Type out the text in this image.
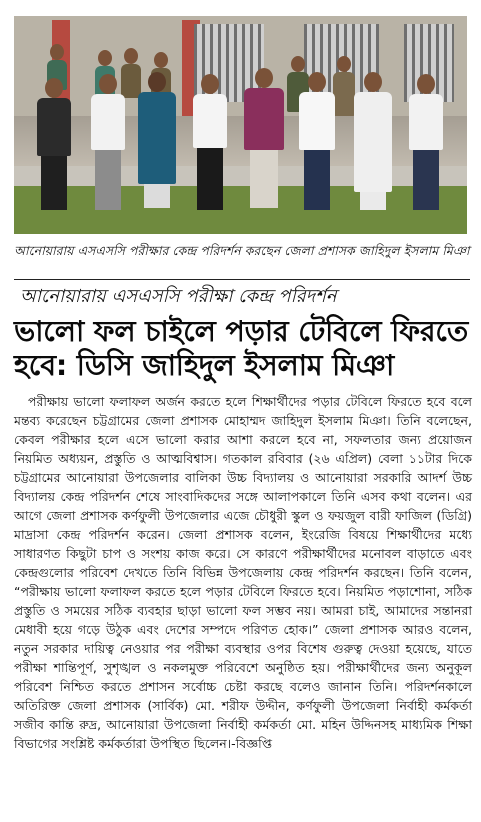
আনোয়ারায় এসএসসি পরীক্ষার কেন্দ্র পরিদর্শন করছেন জেলা প্রশাসক জাহিদুল ইসলাম মিঞা
আনোয়ারায় এসএসসি পরীক্ষা কেন্দ্র পরিদর্শন
ভালো ফল চাইলে পড়ার টেবিলে ফিরতে হবে: ডিসি জাহিদুল ইসলাম মিঞা

পরীক্ষায় ভালো ফলাফল অর্জন করতে হলে শিক্ষার্থীদের পড়ার টেবিলে ফিরতে হবে বলে মন্তব্য করেছেন চট্টগ্রামের জেলা প্রশাসক মোহাম্মদ জাহিদুল ইসলাম মিঞা। তিনি বলেছেন, কেবল পরীক্ষার হলে এসে ভালো করার আশা করলে হবে না, সফলতার জন্য প্রয়োজন নিয়মিত অধ্যয়ন, প্রস্তুতি ও আত্মবিশ্বাস। গতকাল রবিবার (২৬ এপ্রিল) বেলা ১১টার দিকে চট্টগ্রামের আনোয়ারা উপজেলার বালিকা উচ্চ বিদ্যালয় ও আনোয়ারা সরকারি আদর্শ উচ্চ বিদ্যালয় কেন্দ্র পরিদর্শন শেষে সাংবাদিকদের সঙ্গে আলাপকালে তিনি এসব কথা বলেন। এর আগে জেলা প্রশাসক কর্ণফুলী উপজেলার এজে চৌধুরী স্কুল ও ফয়জুল বারী ফাজিল (ডিগ্রি) মাদ্রাসা কেন্দ্র পরিদর্শন করেন। জেলা প্রশাসক বলেন, ইংরেজি বিষয়ে শিক্ষার্থীদের মধ্যে সাধারণত কিছুটা চাপ ও সংশয় কাজ করে। সে কারণে পরীক্ষার্থীদের মনোবল বাড়াতে এবং কেন্দ্রগুলোর পরিবেশ দেখতে তিনি বিভিন্ন উপজেলায় কেন্দ্র পরিদর্শন করছেন। তিনি বলেন, “পরীক্ষায় ভালো ফলাফল করতে হলে পড়ার টেবিলে ফিরতে হবে। নিয়মিত পড়াশোনা, সঠিক প্রস্তুতি ও সময়ের সঠিক ব্যবহার ছাড়া ভালো ফল সম্ভব নয়। আমরা চাই, আমাদের সন্তানরা মেধাবী হয়ে গড়ে উঠুক এবং দেশের সম্পদে পরিণত হোক।” জেলা প্রশাসক আরও বলেন, নতুন সরকার দায়িত্ব নেওয়ার পর পরীক্ষা ব্যবস্থার ওপর বিশেষ গুরুত্ব দেওয়া হয়েছে, যাতে পরীক্ষা শান্তিপূর্ণ, সুশৃঙ্খল ও নকলমুক্ত পরিবেশে অনুষ্ঠিত হয়। পরীক্ষার্থীদের জন্য অনুকূল পরিবেশ নিশ্চিত করতে প্রশাসন সর্বোচ্চ চেষ্টা করছে বলেও জানান তিনি। পরিদর্শনকালে অতিরিক্ত জেলা প্রশাসক (সার্বিক) মো. শরীফ উদ্দীন, কর্ণফুলী উপজেলা নির্বাহী কর্মকর্তা সজীব কান্তি রুদ্র, আনোয়ারা উপজেলা নির্বাহী কর্মকর্তা মো. মহিন উদ্দিনসহ মাধ্যমিক শিক্ষা বিভাগের সংশ্লিষ্ট কর্মকর্তারা উপস্থিত ছিলেন।-বিজ্ঞপ্তি
